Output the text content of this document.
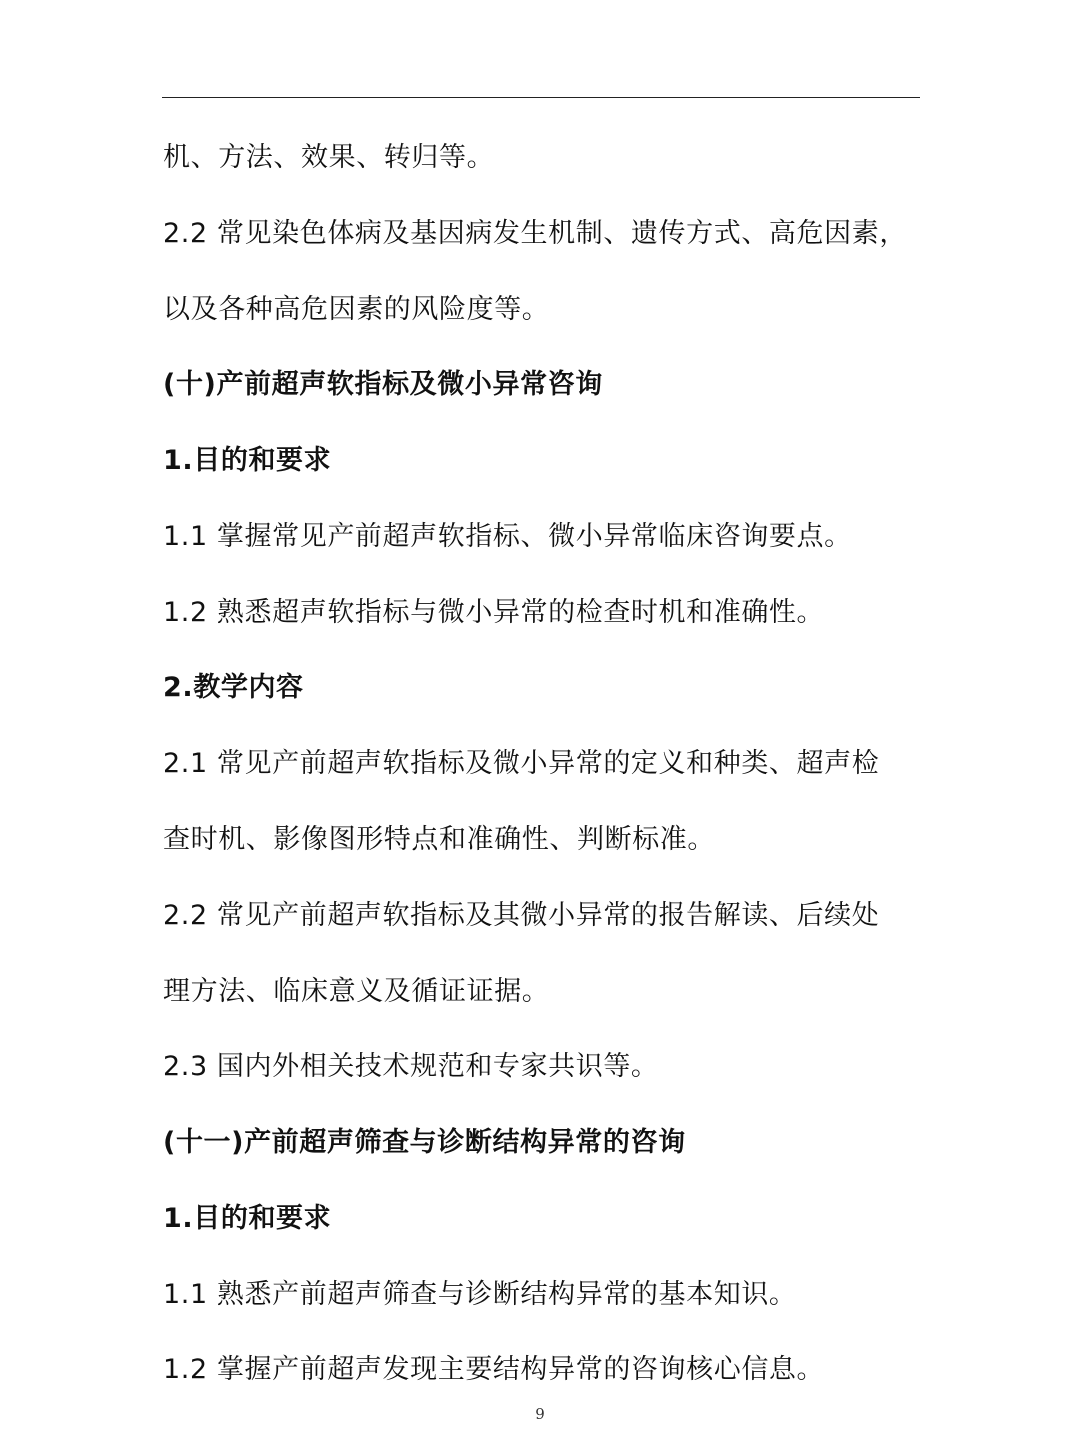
机、方法、效果、转归等。

2.2 常见染色体病及基因病发生机制、遗传方式、高危因素，

以及各种高危因素的风险度等。

(十)产前超声软指标及微小异常咨询

1.目的和要求

1.1 掌握常见产前超声软指标、微小异常临床咨询要点。

1.2 熟悉超声软指标与微小异常的检查时机和准确性。

2.教学内容

2.1 常见产前超声软指标及微小异常的定义和种类、超声检

查时机、影像图形特点和准确性、判断标准。

2.2 常见产前超声软指标及其微小异常的报告解读、后续处

理方法、临床意义及循证证据。

2.3 国内外相关技术规范和专家共识等。

(十一)产前超声筛查与诊断结构异常的咨询

1.目的和要求

1.1 熟悉产前超声筛查与诊断结构异常的基本知识。

1.2 掌握产前超声发现主要结构异常的咨询核心信息。

9
